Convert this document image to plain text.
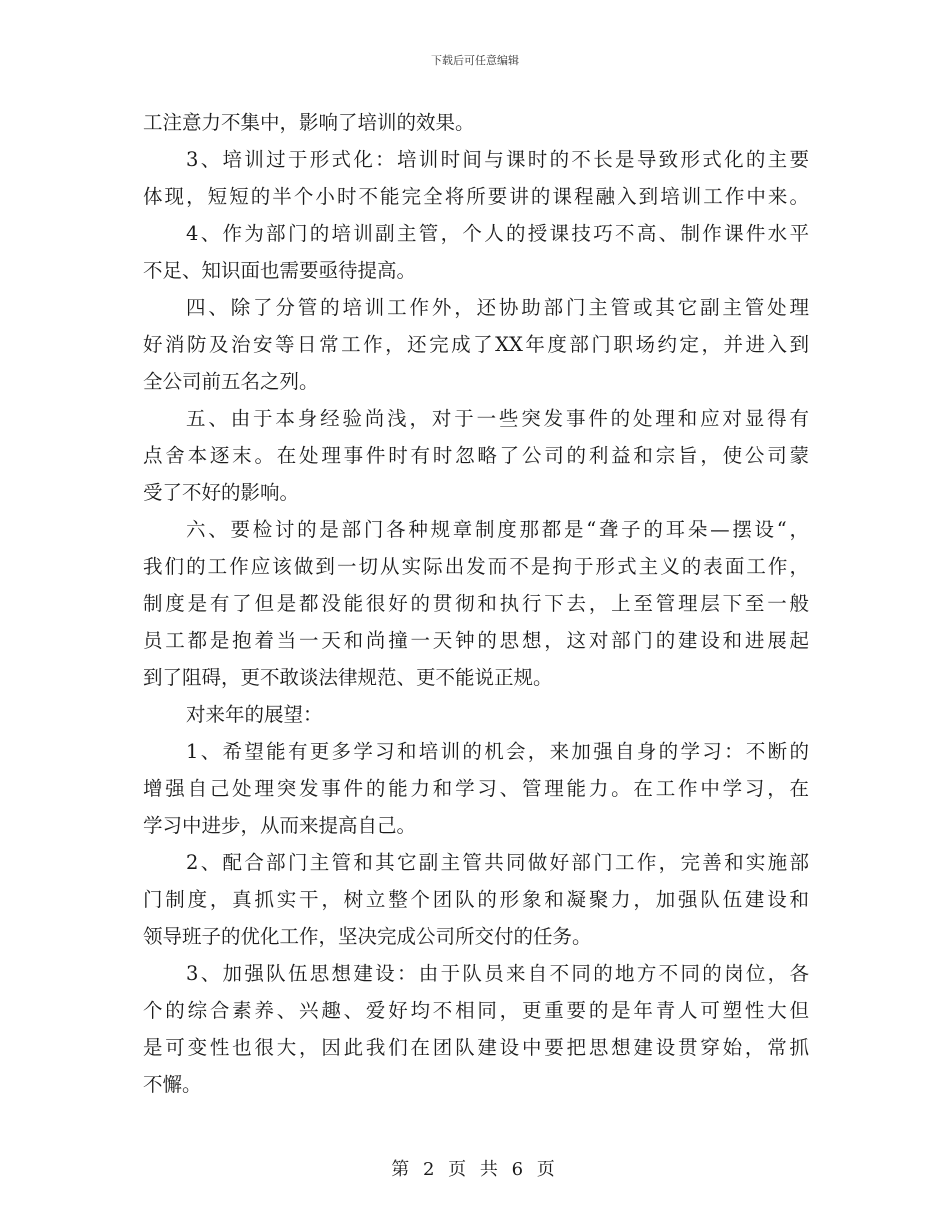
下载后可任意编辑
工注意力不集中，影响了培训的效果。
3、培训过于形式化：培训时间与课时的不长是导致形式化的主要
体现，短短的半个小时不能完全将所要讲的课程融入到培训工作中来。
4、作为部门的培训副主管，个人的授课技巧不高、制作课件水平
不足、知识面也需要亟待提高。
四、除了分管的培训工作外，还协助部门主管或其它副主管处理
好消防及治安等日常工作，还完成了XX年度部门职场约定，并进入到
全公司前五名之列。
五、由于本身经验尚浅，对于一些突发事件的处理和应对显得有
点舍本逐末。在处理事件时有时忽略了公司的利益和宗旨，使公司蒙
受了不好的影响。
六、要检讨的是部门各种规章制度那都是“聋子的耳朵—摆设“，
我们的工作应该做到一切从实际出发而不是拘于形式主义的表面工作，
制度是有了但是都没能很好的贯彻和执行下去，上至管理层下至一般
员工都是抱着当一天和尚撞一天钟的思想，这对部门的建设和进展起
到了阻碍，更不敢谈法律规范、更不能说正规。
对来年的展望：
1、希望能有更多学习和培训的机会，来加强自身的学习：不断的
增强自己处理突发事件的能力和学习、管理能力。在工作中学习，在
学习中进步，从而来提高自己。
2、配合部门主管和其它副主管共同做好部门工作，完善和实施部
门制度，真抓实干，树立整个团队的形象和凝聚力，加强队伍建设和
领导班子的优化工作，坚决完成公司所交付的任务。
3、加强队伍思想建设：由于队员来自不同的地方不同的岗位，各
个的综合素养、兴趣、爱好均不相同，更重要的是年青人可塑性大但
是可变性也很大，因此我们在团队建设中要把思想建设贯穿始，常抓
不懈。
第 2 页 共 6 页
